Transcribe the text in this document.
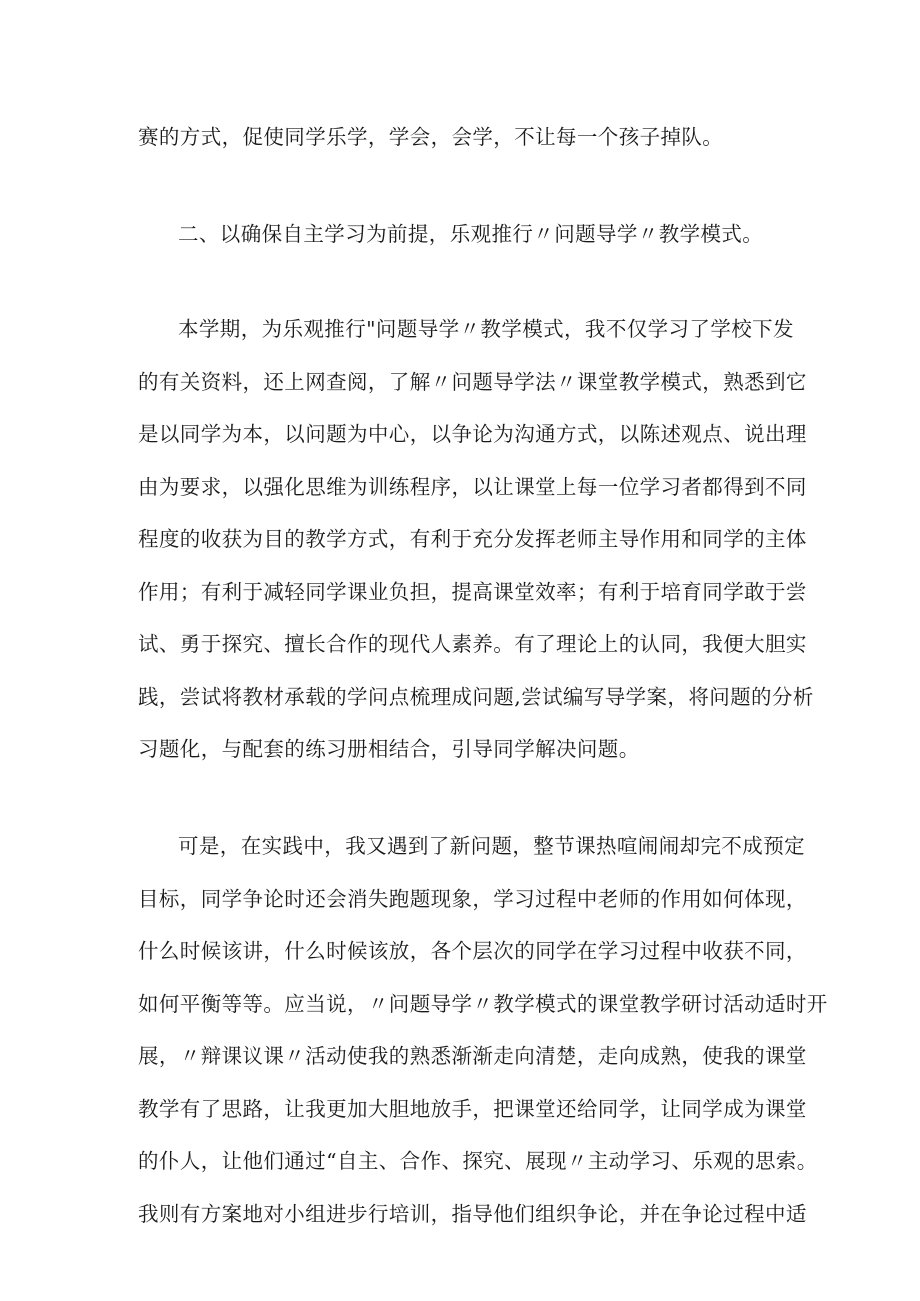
赛的方式，促使同学乐学，学会，会学，不让每一个孩子掉队。
二、以确保自主学习为前提，乐观推行〃问题导学〃教学模式。
本学期，为乐观推行"问题导学〃教学模式，我不仅学习了学校下发
的有关资料，还上网查阅，了解〃问题导学法〃课堂教学模式，熟悉到它
是以同学为本，以问题为中心，以争论为沟通方式，以陈述观点、说出理
由为要求，以强化思维为训练程序，以让课堂上每一位学习者都得到不同
程度的收获为目的教学方式，有利于充分发挥老师主导作用和同学的主体
作用；有利于减轻同学课业负担，提高课堂效率；有利于培育同学敢于尝
试、勇于探究、擅长合作的现代人素养。有了理论上的认同，我便大胆实
践，尝试将教材承载的学问点梳理成问题,尝试编写导学案，将问题的分析
习题化，与配套的练习册相结合，引导同学解决问题。
可是，在实践中，我又遇到了新问题，整节课热喧闹闹却完不成预定
目标，同学争论时还会消失跑题现象，学习过程中老师的作用如何体现，
什么时候该讲，什么时候该放，各个层次的同学在学习过程中收获不同，
如何平衡等等。应当说，〃问题导学〃教学模式的课堂教学研讨活动适时开
展，〃辩课议课〃活动使我的熟悉渐渐走向清楚，走向成熟，使我的课堂
教学有了思路，让我更加大胆地放手，把课堂还给同学，让同学成为课堂
的仆人，让他们通过“自主、合作、探究、展现〃主动学习、乐观的思索。
我则有方案地对小组进步行培训，指导他们组织争论，并在争论过程中适
